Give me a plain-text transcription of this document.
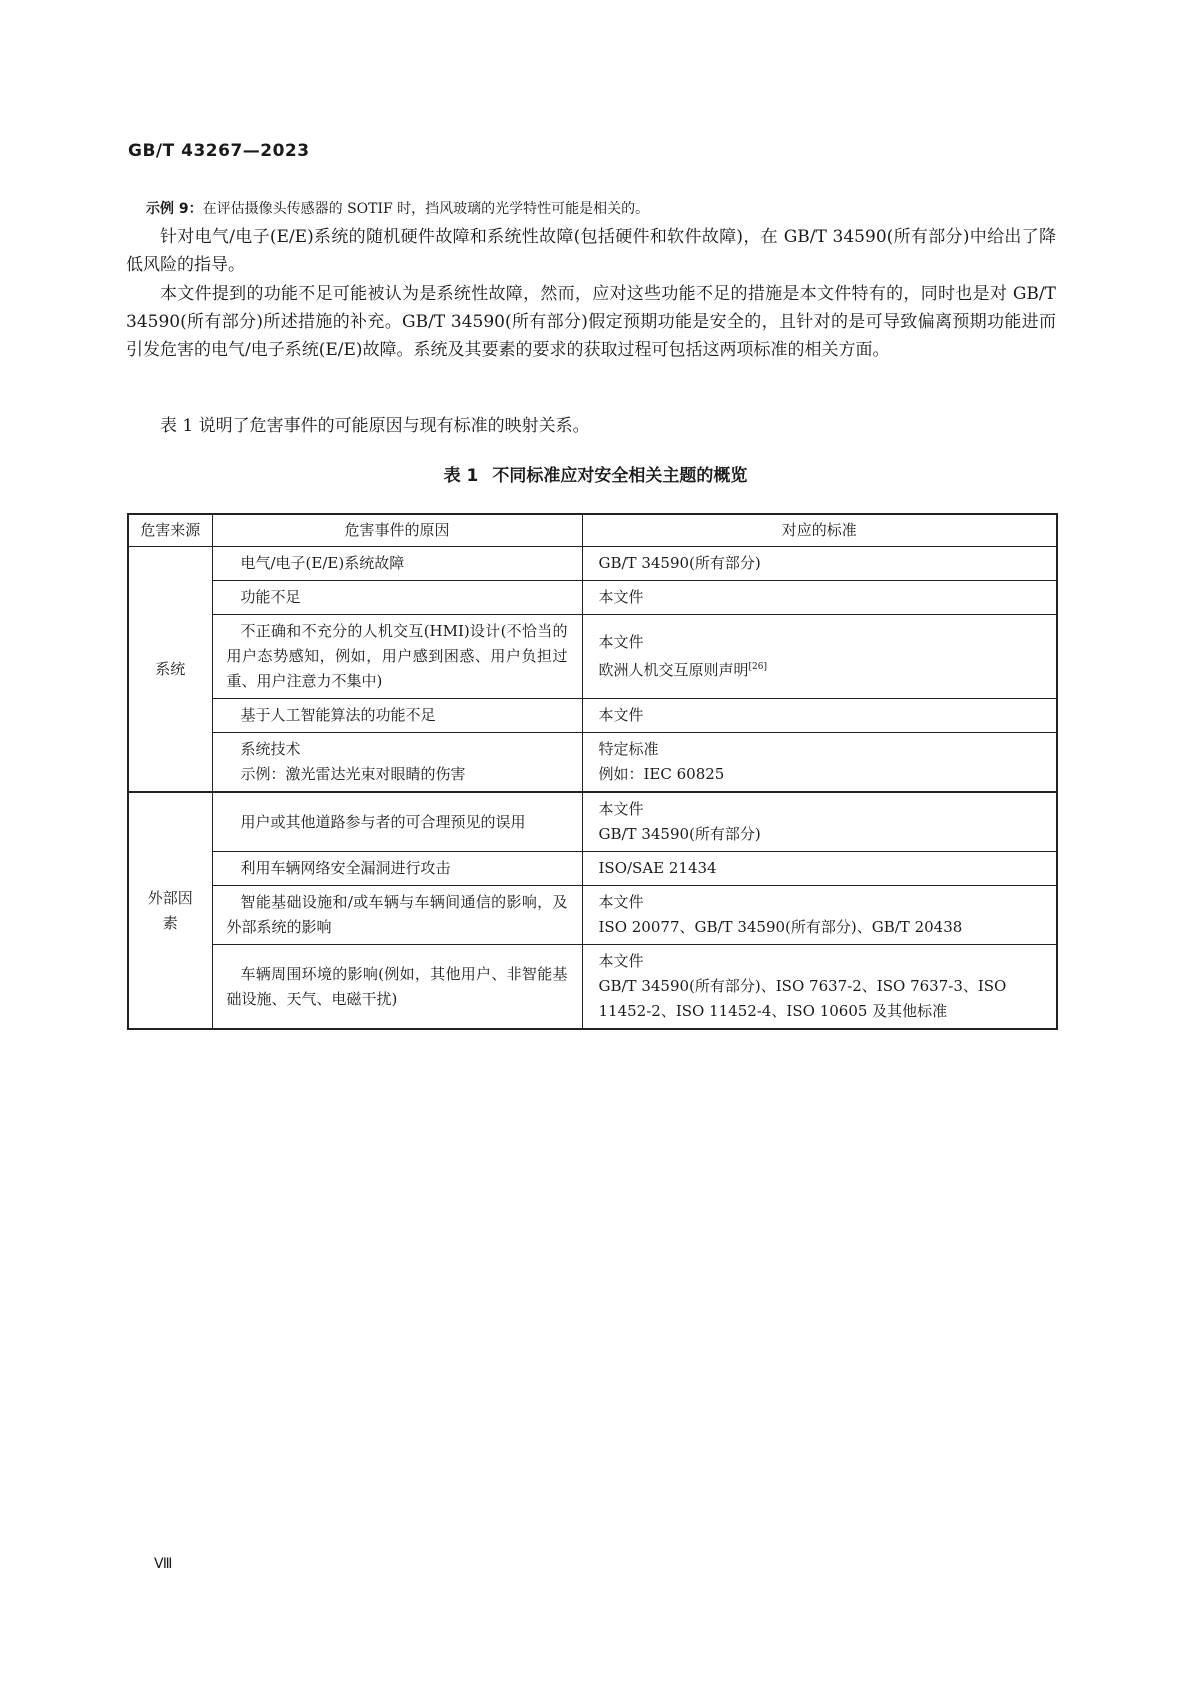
GB/T 43267—2023
示例 9：在评估摄像头传感器的 SOTIF 时，挡风玻璃的光学特性可能是相关的。

针对电气/电子(E/E)系统的随机硬件故障和系统性故障(包括硬件和软件故障)，在 GB/T 34590(所有部分)中给出了降低风险的指导。

本文件提到的功能不足可能被认为是系统性故障，然而，应对这些功能不足的措施是本文件特有的，同时也是对 GB/T 34590(所有部分)所述措施的补充。GB/T 34590(所有部分)假定预期功能是安全的，且针对的是可导致偏离预期功能进而引发危害的电气/电子系统(E/E)故障。系统及其要素的要求的获取过程可包括这两项标准的相关方面。

表 1 说明了危害事件的可能原因与现有标准的映射关系。

表 1 不同标准应对安全相关主题的概览
危害来源	危害事件的原因	对应的标准
系统	电气/电子(E/E)系统故障	GB/T 34590(所有部分)

	功能不足	本文件

	不正确和不充分的人机交互(HMI)设计(不恰当的用户态势感知，例如，用户感到困惑、用户负担过重、用户注意力不集中)	本文件
欧洲人机交互原则声明[26]

	基于人工智能算法的功能不足	本文件

	系统技术
示例：激光雷达光束对眼睛的伤害	特定标准
例如：IEC 60825

外部因素	用户或其他道路参与者的可合理预见的误用	本文件
GB/T 34590(所有部分)

	利用车辆网络安全漏洞进行攻击	ISO/SAE 21434

	智能基础设施和/或车辆与车辆间通信的影响，及外部系统的影响	本文件
ISO 20077、GB/T 34590(所有部分)、GB/T 20438

	车辆周围环境的影响(例如，其他用户、非智能基础设施、天气、电磁干扰)	本文件
GB/T 34590(所有部分)、ISO 7637-2、ISO 7637-3、ISO 11452-2、ISO 11452-4、ISO 10605 及其他标准
Ⅷ
